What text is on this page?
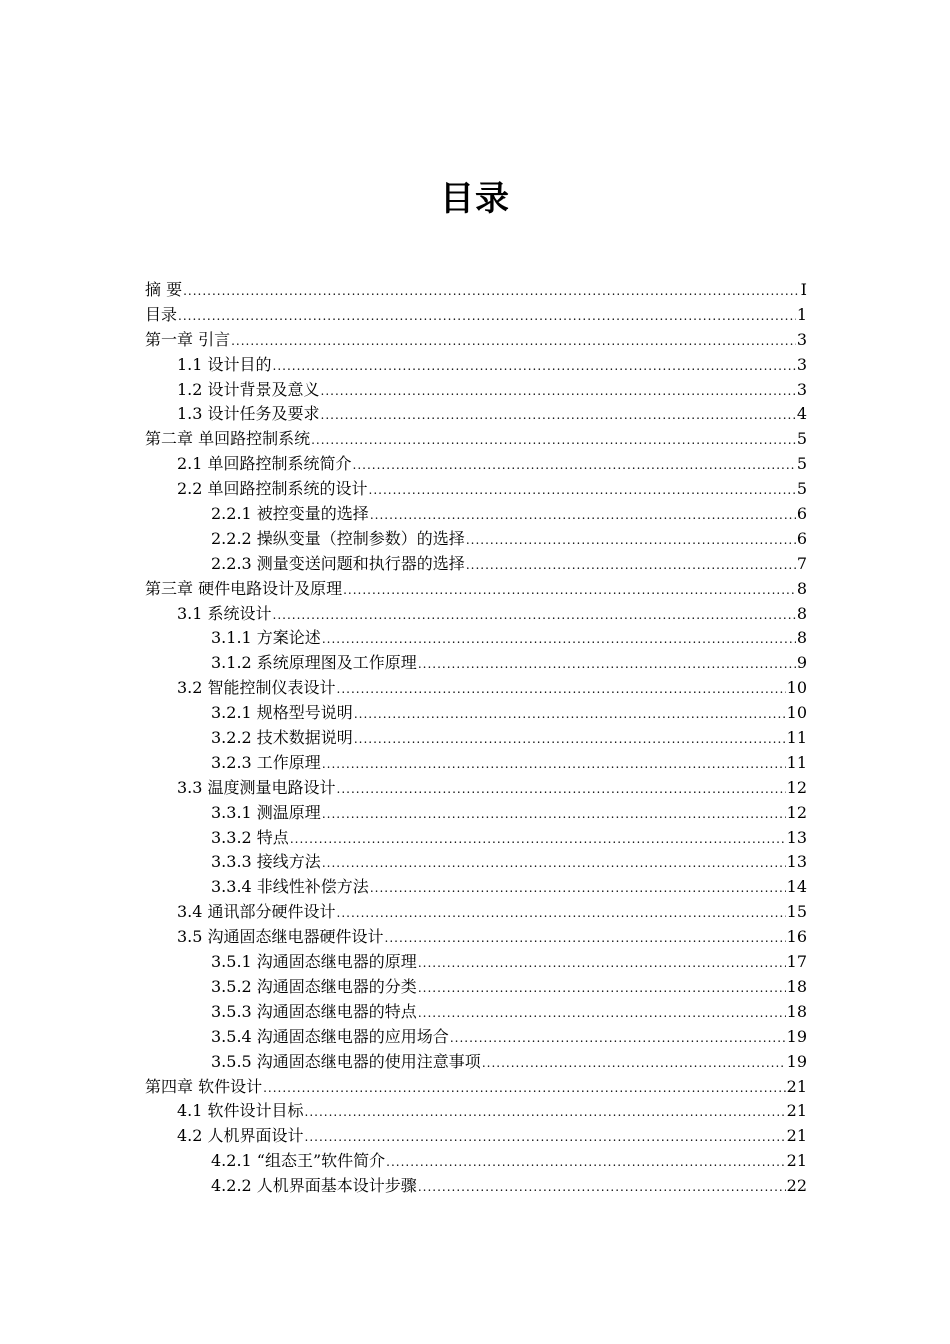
目录
摘 要 .....	I
目录 .....	1
第一章 引言 .....	3
1.1 设计目的 .....	3
1.2 设计背景及意义 .....	3
1.3 设计任务及要求 .....	4
第二章 单回路控制系统 .....	5
2.1 单回路控制系统简介 .....	5
2.2 单回路控制系统的设计 .....	5
2.2.1 被控变量的选择 .....	6
2.2.2 操纵变量（控制参数）的选择 .....	6
2.2.3 测量变送问题和执行器的选择 .....	7
第三章 硬件电路设计及原理 .....	8
3.1 系统设计 .....	8
3.1.1 方案论述 .....	8
3.1.2 系统原理图及工作原理 .....	9
3.2 智能控制仪表设计 .....	10
3.2.1 规格型号说明 .....	10
3.2.2 技术数据说明 .....	11
3.2.3 工作原理 .....	11
3.3 温度测量电路设计 .....	12
3.3.1 测温原理 .....	12
3.3.2 特点 .....	13
3.3.3 接线方法 .....	13
3.3.4 非线性补偿方法 .....	14
3.4 通讯部分硬件设计 .....	15
3.5 沟通固态继电器硬件设计 .....	16
3.5.1 沟通固态继电器的原理 .....	17
3.5.2 沟通固态继电器的分类 .....	18
3.5.3 沟通固态继电器的特点 .....	18
3.5.4 沟通固态继电器的应用场合 .....	19
3.5.5 沟通固态继电器的使用注意事项 .....	19
第四章 软件设计 .....	21
4.1 软件设计目标 .....	21
4.2 人机界面设计 .....	21
4.2.1 “组态王”软件简介 .....	21
4.2.2 人机界面基本设计步骤 .....	22
